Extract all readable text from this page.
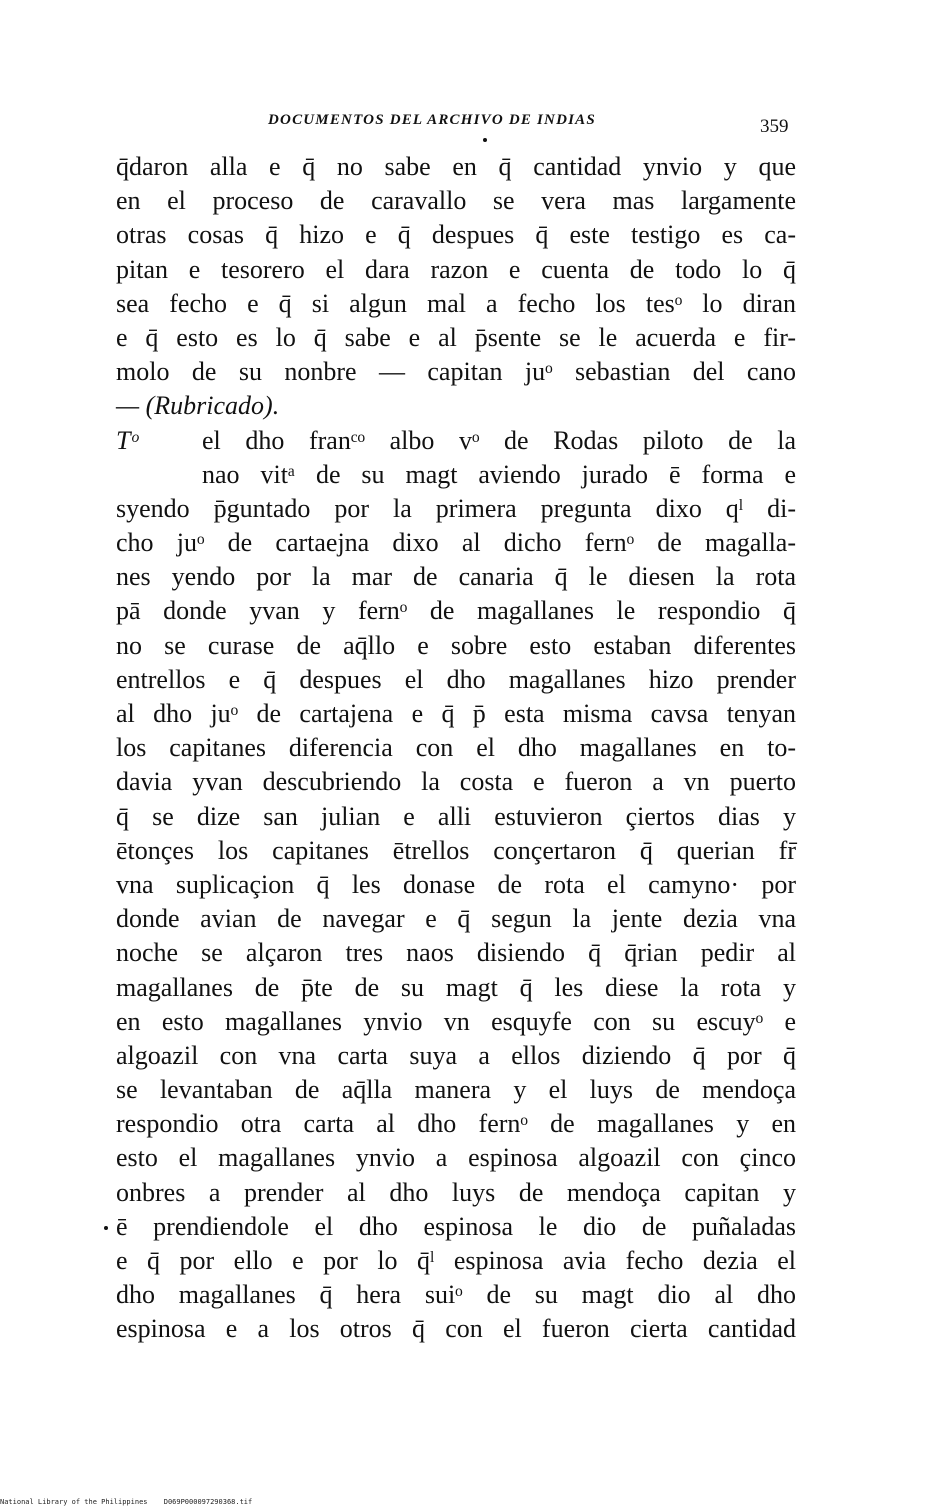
DOCUMENTOS DEL ARCHIVO DE INDIAS	359
q̄daron alla e q̄ no sabe en q̄ cantidad ynvio y que
en el proceso de caravallo se vera mas largamente
otras cosas q̄ hizo e q̄ despues q̄ este testigo es ca-
pitan e tesorero el dara razon e cuenta de todo lo q̄
sea fecho e q̄ si algun mal a fecho los tesᵒ lo diran
e q̄ esto es lo q̄ sabe e al p̄sente se le acuerda e fir-
molo de su nonbre — capitan juᵒ sebastian del cano
— (Rubricado).
Tᵒ el dho franᶜᵒ albo vᵒ de Rodas piloto de la
nao vitᵃ de su magt aviendo jurado ē forma e
syendo p̄guntado por la primera pregunta dixo qˡ di-
cho juᵒ de cartaejna dixo al dicho fernᵒ de magalla-
nes yendo por la mar de canaria q̄ le diesen la rota
pā donde yvan y fernᵒ de magallanes le respondio q̄
no se curase de aq̄llo e sobre esto estaban diferentes
entrellos e q̄ despues el dho magallanes hizo prender
al dho juᵒ de cartajena e q̄ p̄ esta misma cavsa tenyan
los capitanes diferencia con el dho magallanes en to-
davia yvan descubriendo la costa e fueron a vn puerto
q̄ se dize san julian e alli estuvieron çiertos dias y
ētonçes los capitanes ētrellos conçertaron q̄ querian fr̄
vna suplicaçion q̄ les donase de rota el camyno· por
donde avian de navegar e q̄ segun la jente dezia vna
noche se alçaron tres naos disiendo q̄ q̄rian pedir al
magallanes de p̄te de su magt q̄ les diese la rota y
en esto magallanes ynvio vn esquyfe con su escuyᵒ e
algoazil con vna carta suya a ellos diziendo q̄ por q̄
se levantaban de aq̄lla manera y el luys de mendoça
respondio otra carta al dho fernᵒ de magallanes y en
esto el magallanes ynvio a espinosa algoazil con çinco
onbres a prender al dho luys de mendoça capitan y
ē prendiendole el dho espinosa le dio de puñaladas
e q̄ por ello e por lo q̄ˡ espinosa avia fecho dezia el
dho magallanes q̄ hera suiᵒ de su magt dio al dho
espinosa e a los otros q̄ con el fueron cierta cantidad
National Library of the Philippines D069P000097290368.tif
